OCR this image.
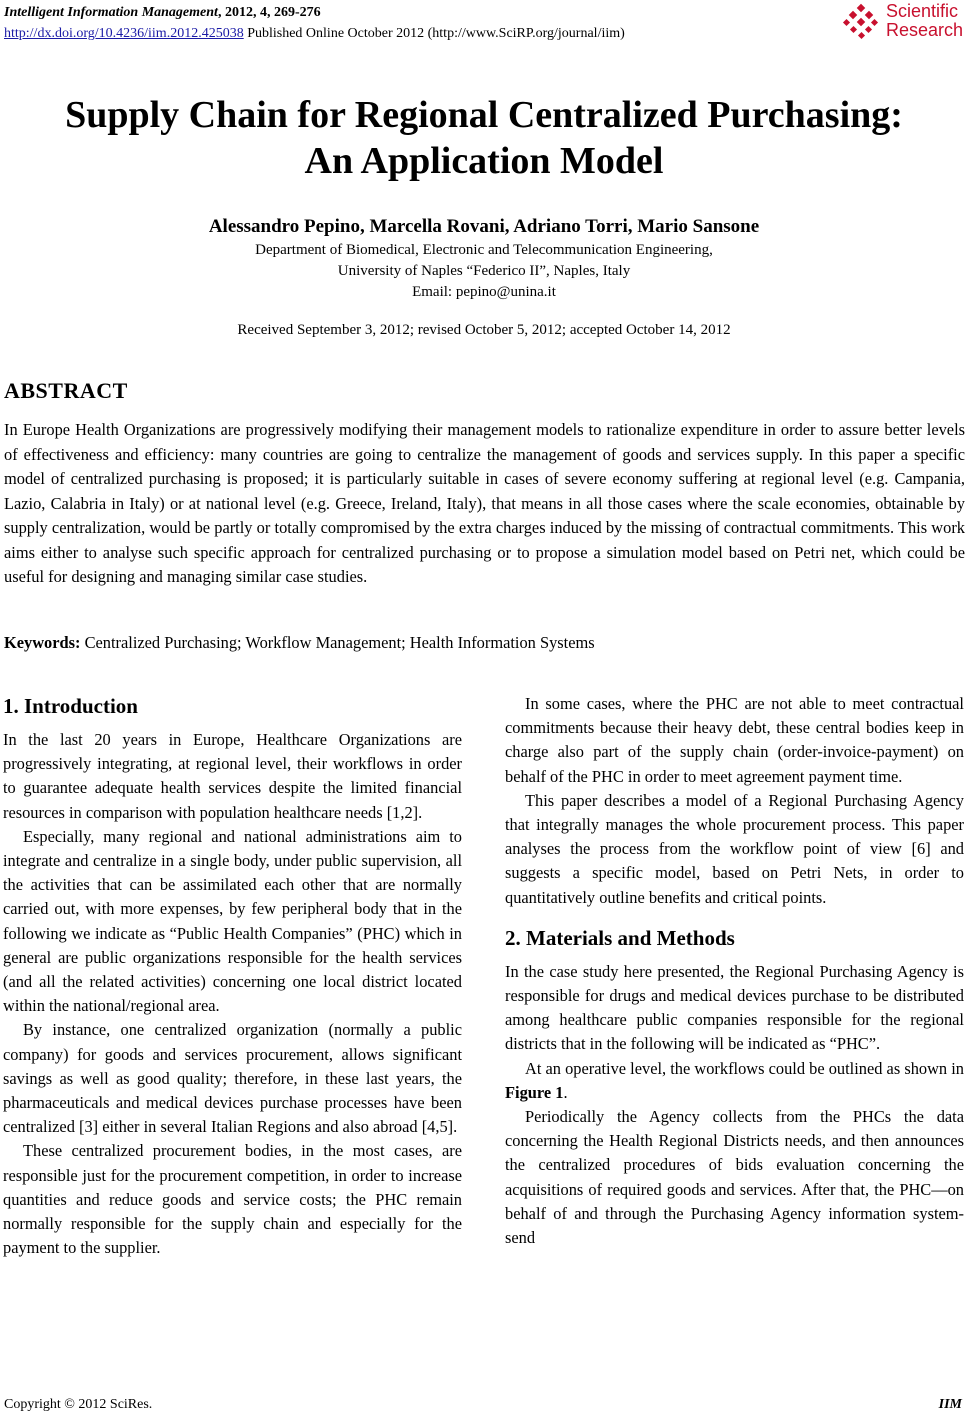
Intelligent Information Management, 2012, 4, 269-276
http://dx.doi.org/10.4236/iim.2012.425038 Published Online October 2012 (http://www.SciRP.org/journal/iim)
Scientific
Research
Supply Chain for Regional Centralized Purchasing:
An Application Model
Alessandro Pepino, Marcella Rovani, Adriano Torri, Mario Sansone
Department of Biomedical, Electronic and Telecommunication Engineering,
University of Naples “Federico II”, Naples, Italy
Email: pepino@unina.it
Received September 3, 2012; revised October 5, 2012; accepted October 14, 2012
ABSTRACT
In Europe Health Organizations are progressively modifying their management models to rationalize expenditure in order to assure better levels of effectiveness and efficiency: many countries are going to centralize the management of goods and services supply. In this paper a specific model of centralized purchasing is proposed; it is particularly suitable in cases of severe economy suffering at regional level (e.g. Campania, Lazio, Calabria in Italy) or at national level (e.g. Greece, Ireland, Italy), that means in all those cases where the scale economies, obtainable by supply centralization, would be partly or totally compromised by the extra charges induced by the missing of contractual commitments. This work aims either to analyse such specific approach for centralized purchasing or to propose a simulation model based on Petri net, which could be useful for designing and managing similar case studies.
Keywords: Centralized Purchasing; Workflow Management; Health Information Systems
1. Introduction

In the last 20 years in Europe, Healthcare Organizations are progressively integrating, at regional level, their workflows in order to guarantee adequate health services despite the limited financial resources in comparison with population healthcare needs [1,2].

Especially, many regional and national administrations aim to integrate and centralize in a single body, under public supervision, all the activities that can be assimilated each other that are normally carried out, with more expenses, by few peripheral body that in the following we indicate as “Public Health Companies” (PHC) which in general are public organizations responsible for the health services (and all the related activities) concerning one local district located within the national/regional area.

By instance, one centralized organization (normally a public company) for goods and services procurement, allows significant savings as well as good quality; therefore, in these last years, the pharmaceuticals and medical devices purchase processes have been centralized [3] either in several Italian Regions and also abroad [4,5].

These centralized procurement bodies, in the most cases, are responsible just for the procurement competition, in order to increase quantities and reduce goods and service costs; the PHC remain normally responsible for the supply chain and especially for the payment to the supplier.

In some cases, where the PHC are not able to meet contractual commitments because their heavy debt, these central bodies keep in charge also part of the supply chain (order-invoice-payment) on behalf of the PHC in order to meet agreement payment time.

This paper describes a model of a Regional Purchasing Agency that integrally manages the whole procurement process. This paper analyses the process from the workflow point of view [6] and suggests a specific model, based on Petri Nets, in order to quantitatively outline benefits and critical points.

2. Materials and Methods

In the case study here presented, the Regional Purchasing Agency is responsible for drugs and medical devices purchase to be distributed among healthcare public companies responsible for the regional districts that in the following will be indicated as “PHC”.

At an operative level, the workflows could be outlined as shown in Figure 1.

Periodically the Agency collects from the PHCs the data concerning the Health Regional Districts needs, and then announces the centralized procedures of bids evaluation concerning the acquisitions of required goods and services. After that, the PHC—on behalf of and through the Purchasing Agency information system-send

Copyright © 2012 SciRes.	IIM
